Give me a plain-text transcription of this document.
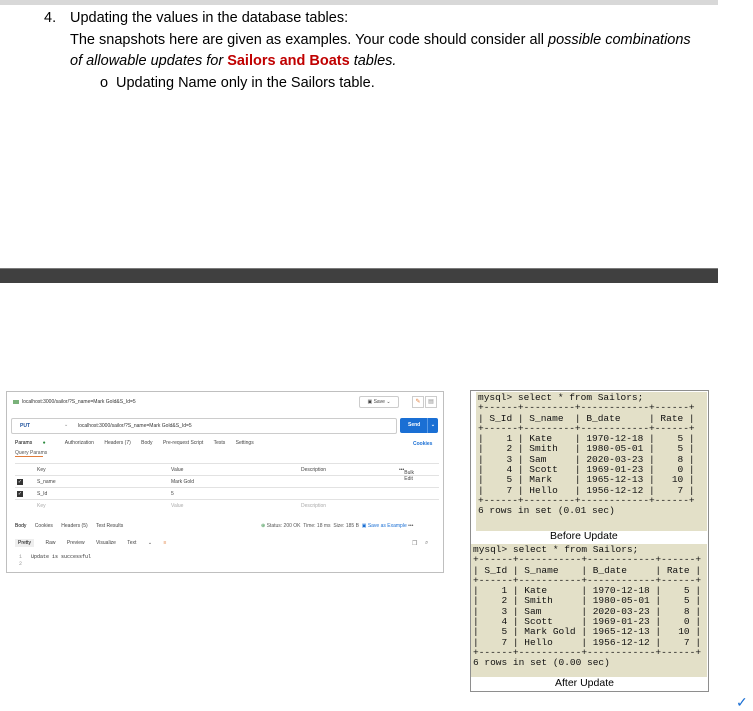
4. Updating the values in the database tables:
The snapshots here are given as examples. Your code should consider all possible combinations
of allowable updates for Sailors and Boats tables.
o Updating Name only in the Sailors table.
localhost:3000/sailor/?S_name=Mark Gold&S_Id=5	▣ Save ⌄	✎	▤
PUT	⌄ localhost:3000/sailor/?S_name=Mark Gold&S_Id=5	Send	⌄
Params ●	Authorization Headers (7) Body Pre-request Script Tests Settings	Cookies
Query Params
Key	Value	Description	••• Bulk Edit
✓	S_name	Mark Gold
✓	S_Id	5
Key	Value	Description
Body Cookies Headers (5) Test Results	⊕ Status: 200 OK Time: 18 ms Size: 185 B ▣ Save as Example •••
Pretty	Raw Preview Visualize Text ⌄ ≡	❐ ⌕
1   Update is successful
2
mysql> select * from Sailors;
+------+---------+------------+------+
| S_Id | S_name  | B_date     | Rate |
+------+---------+------------+------+
|    1 | Kate    | 1970-12-18 |    5 |
|    2 | Smith   | 1980-05-01 |    5 |
|    3 | Sam     | 2020-03-23 |    8 |
|    4 | Scott   | 1969-01-23 |    0 |
|    5 | Mark    | 1965-12-13 |   10 |
|    7 | Hello   | 1956-12-12 |    7 |
+------+---------+------------+------+
6 rows in set (0.01 sec)
Before Update
mysql> select * from Sailors;
+------+-----------+------------+------+
| S_Id | S_name    | B_date     | Rate |
+------+-----------+------------+------+
|    1 | Kate      | 1970-12-18 |    5 |
|    2 | Smith     | 1980-05-01 |    5 |
|    3 | Sam       | 2020-03-23 |    8 |
|    4 | Scott     | 1969-01-23 |    0 |
|    5 | Mark Gold | 1965-12-13 |   10 |
|    7 | Hello     | 1956-12-12 |    7 |
+------+-----------+------------+------+
6 rows in set (0.00 sec)
After Update
✓
